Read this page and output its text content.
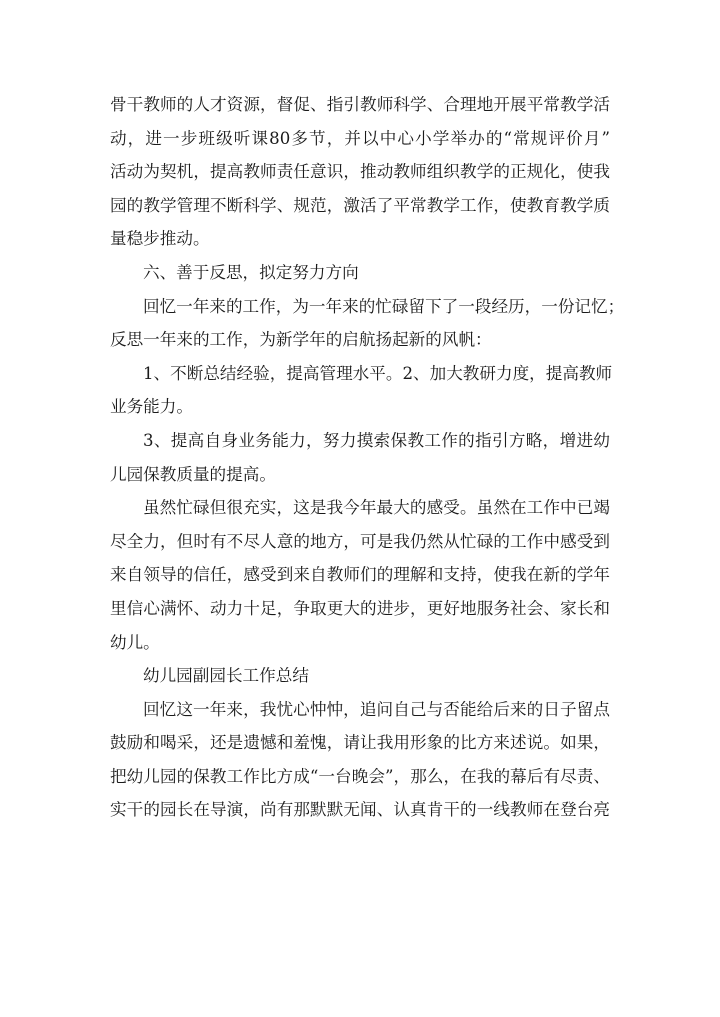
骨干教师的人才资源，督促、指引教师科学、合理地开展平常教学活

动，进一步班级听课80多节，并以中心小学举办的“常规评价月”

活动为契机，提高教师责任意识，推动教师组织教学的正规化，使我

园的教学管理不断科学、规范，激活了平常教学工作，使教育教学质

量稳步推动。

六、善于反思，拟定努力方向

回忆一年来的工作，为一年来的忙碌留下了一段经历，一份记忆；

反思一年来的工作，为新学年的启航扬起新的风帆：

1、不断总结经验，提高管理水平。2、加大教研力度，提高教师

业务能力。

3、提高自身业务能力，努力摸索保教工作的指引方略，增进幼

儿园保教质量的提高。

虽然忙碌但很充实，这是我今年最大的感受。虽然在工作中已竭

尽全力，但时有不尽人意的地方，可是我仍然从忙碌的工作中感受到

来自领导的信任，感受到来自教师们的理解和支持，使我在新的学年

里信心满怀、动力十足，争取更大的进步，更好地服务社会、家长和

幼儿。

幼儿园副园长工作总结

回忆这一年来，我忧心忡忡，追问自己与否能给后来的日子留点

鼓励和喝采，还是遗憾和羞愧，请让我用形象的比方来述说。如果，

把幼儿园的保教工作比方成“一台晚会”，那么，在我的幕后有尽责、

实干的园长在导演，尚有那默默无闻、认真肯干的一线教师在登台亮
